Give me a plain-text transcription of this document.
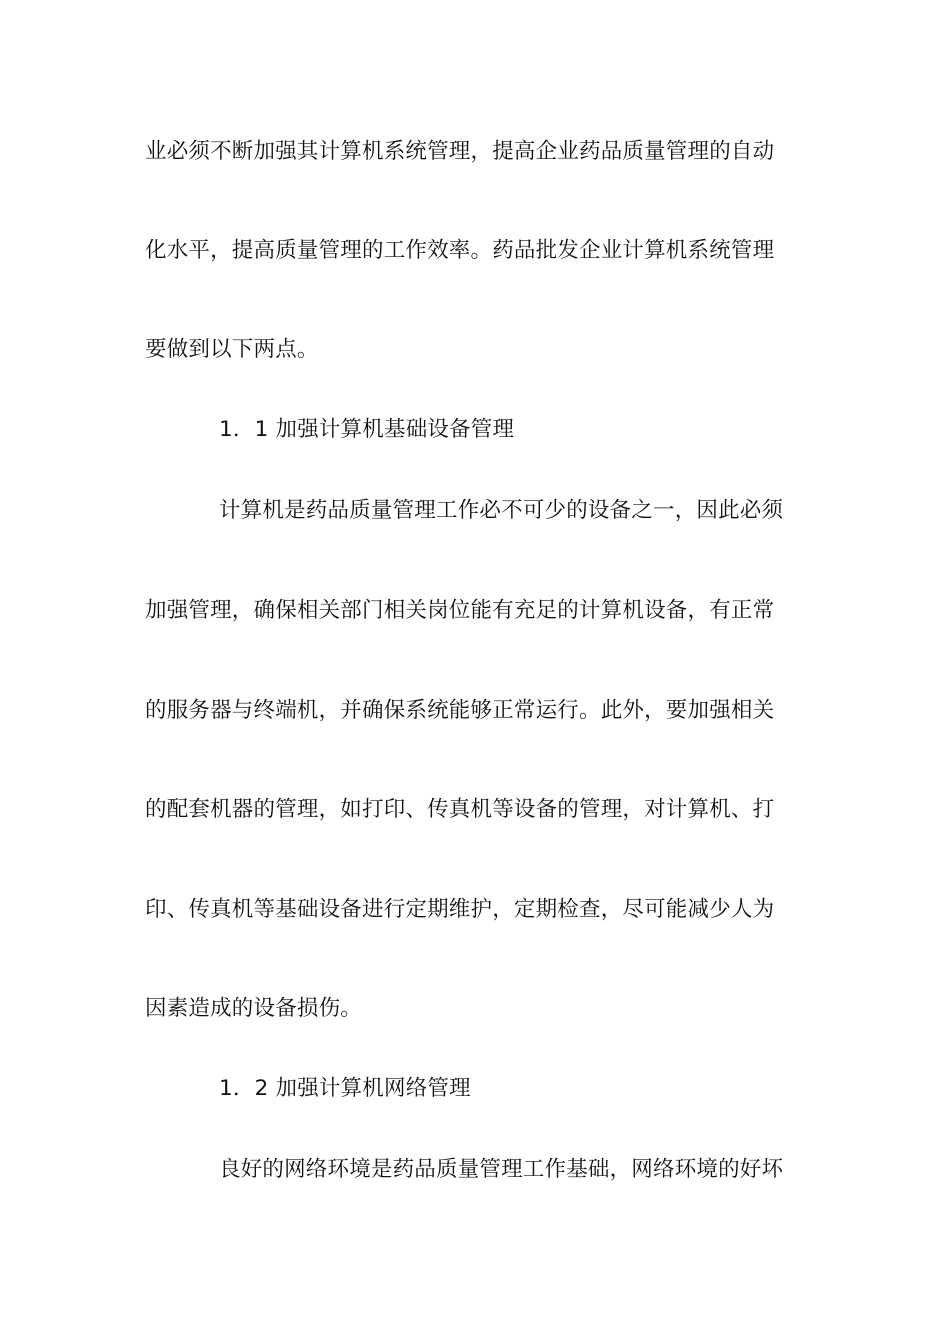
业必须不断加强其计算机系统管理，提高企业药品质量管理的自动
化水平，提高质量管理的工作效率。药品批发企业计算机系统管理
要做到以下两点。
1．1 加强计算机基础设备管理
计算机是药品质量管理工作必不可少的设备之一，因此必须
加强管理，确保相关部门相关岗位能有充足的计算机设备，有正常
的服务器与终端机，并确保系统能够正常运行。此外，要加强相关
的配套机器的管理，如打印、传真机等设备的管理，对计算机、打
印、传真机等基础设备进行定期维护，定期检查，尽可能减少人为
因素造成的设备损伤。
1．2 加强计算机网络管理
良好的网络环境是药品质量管理工作基础，网络环境的好坏
